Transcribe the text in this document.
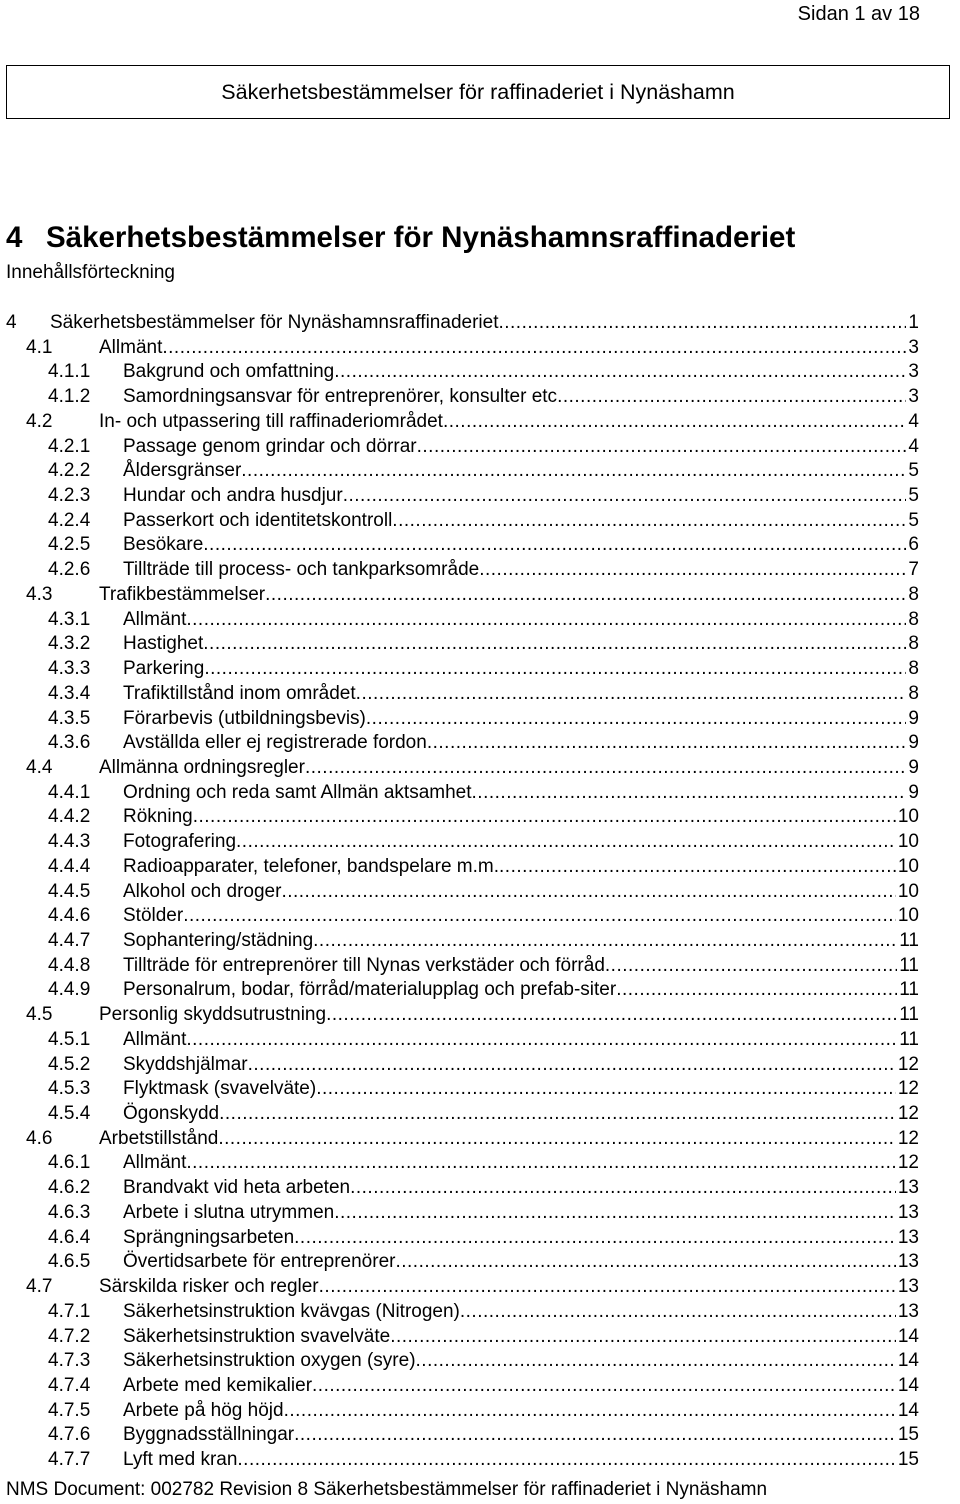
Sidan 1 av 18
Säkerhetsbestämmelser för raffinaderiet i Nynäshamn
4 Säkerhetsbestämmelser för Nynäshamnsraffinaderiet
Innehållsförteckning
4 Säkerhetsbestämmelser för Nynäshamnsraffinaderiet .....	1
4.1 Allmänt .....	3
4.1.1 Bakgrund och omfattning .....	3
4.1.2 Samordningsansvar för entreprenörer, konsulter etc .....	3
4.2 In- och utpassering till raffinaderiområdet .....	4
4.2.1 Passage genom grindar och dörrar .....	4
4.2.2 Åldersgränser .....	5
4.2.3 Hundar och andra husdjur .....	5
4.2.4 Passerkort och identitetskontroll .....	5
4.2.5 Besökare .....	6
4.2.6 Tillträde till process- och tankparksområde .....	7
4.3 Trafikbestämmelser .....	8
4.3.1 Allmänt .....	8
4.3.2 Hastighet .....	8
4.3.3 Parkering .....	8
4.3.4 Trafiktillstånd inom området .....	8
4.3.5 Förarbevis (utbildningsbevis) .....	9
4.3.6 Avställda eller ej registrerade fordon .....	9
4.4 Allmänna ordningsregler .....	9
4.4.1 Ordning och reda samt Allmän aktsamhet .....	9
4.4.2 Rökning .....	10
4.4.3 Fotografering .....	10
4.4.4 Radioapparater, telefoner, bandspelare m.m. .....	10
4.4.5 Alkohol och droger .....	10
4.4.6 Stölder .....	10
4.4.7 Sophantering/städning .....	11
4.4.8 Tillträde för entreprenörer till Nynas verkstäder och förråd .....	11
4.4.9 Personalrum, bodar, förråd/materialupplag och prefab-siter .....	11
4.5 Personlig skyddsutrustning .....	11
4.5.1 Allmänt .....	11
4.5.2 Skyddshjälmar .....	12
4.5.3 Flyktmask (svavelväte) .....	12
4.5.4 Ögonskydd .....	12
4.6 Arbetstillstånd .....	12
4.6.1 Allmänt .....	12
4.6.2 Brandvakt vid heta arbeten .....	13
4.6.3 Arbete i slutna utrymmen .....	13
4.6.4 Sprängningsarbeten .....	13
4.6.5 Övertidsarbete för entreprenörer .....	13
4.7 Särskilda risker och regler .....	13
4.7.1 Säkerhetsinstruktion kvävgas (Nitrogen) .....	13
4.7.2 Säkerhetsinstruktion svavelväte .....	14
4.7.3 Säkerhetsinstruktion oxygen (syre) .....	14
4.7.4 Arbete med kemikalier .....	14
4.7.5 Arbete på hög höjd .....	14
4.7.6 Byggnadsställningar .....	15
4.7.7 Lyft med kran .....	15
NMS Document: 002782 Revision 8 Säkerhetsbestämmelser för raffinaderiet i Nynäshamn
